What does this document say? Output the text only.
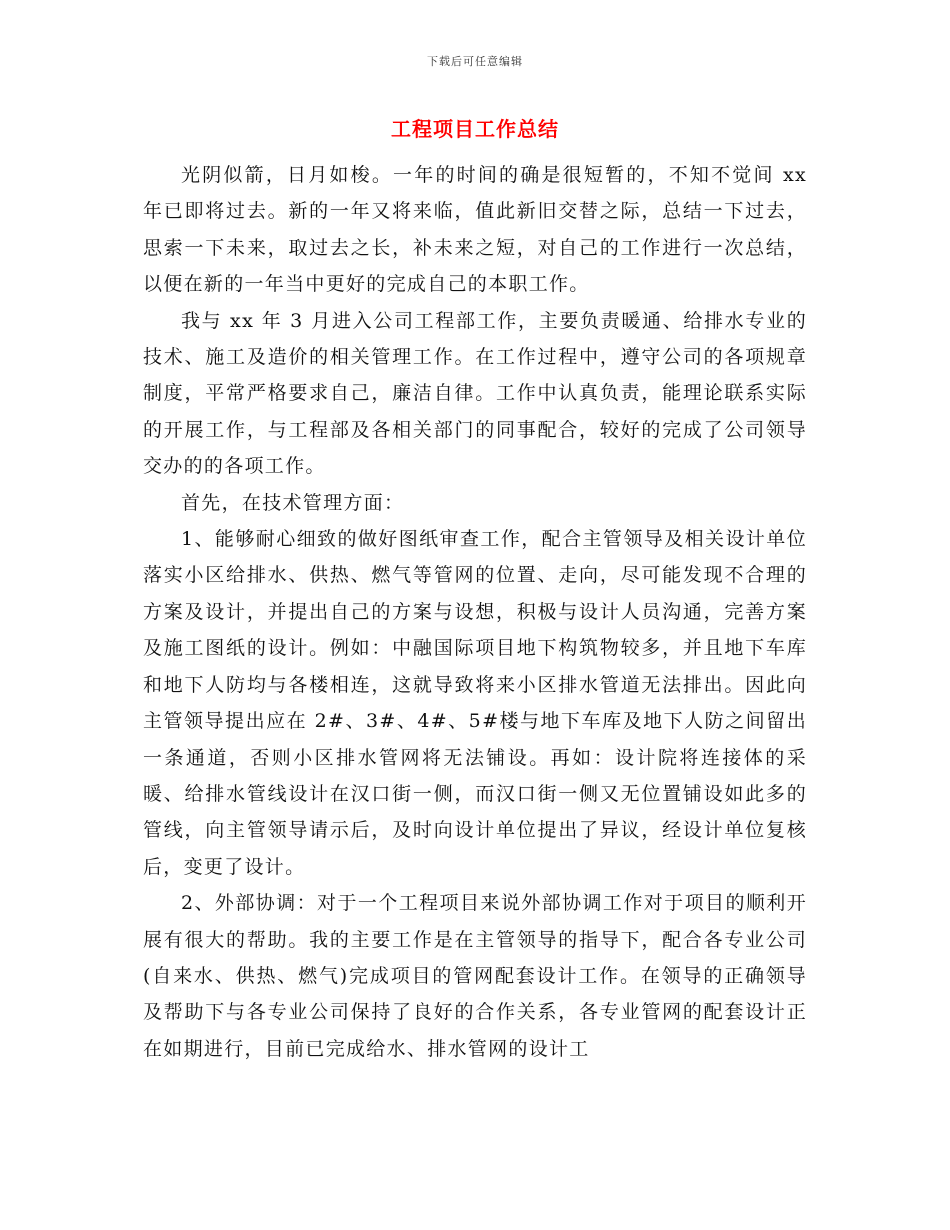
下载后可任意编辑
工程项目工作总结

光阴似箭，日月如梭。一年的时间的确是很短暂的，不知不觉间 xx 年已即将过去。新的一年又将来临，值此新旧交替之际，总结一下过去，思索一下未来，取过去之长，补未来之短，对自己的工作进行一次总结，以便在新的一年当中更好的完成自己的本职工作。

我与 xx 年 3 月进入公司工程部工作，主要负责暖通、给排水专业的技术、施工及造价的相关管理工作。在工作过程中，遵守公司的各项规章制度，平常严格要求自己，廉洁自律。工作中认真负责，能理论联系实际的开展工作，与工程部及各相关部门的同事配合，较好的完成了公司领导交办的的各项工作。

首先，在技术管理方面：

1、能够耐心细致的做好图纸审查工作，配合主管领导及相关设计单位落实小区给排水、供热、燃气等管网的位置、走向，尽可能发现不合理的方案及设计，并提出自己的方案与设想，积极与设计人员沟通，完善方案及施工图纸的设计。例如：中融国际项目地下构筑物较多，并且地下车库和地下人防均与各楼相连，这就导致将来小区排水管道无法排出。因此向主管领导提出应在 2#、3#、4#、5#楼与地下车库及地下人防之间留出一条通道，否则小区排水管网将无法铺设。再如：设计院将连接体的采暖、给排水管线设计在汉口街一侧，而汉口街一侧又无位置铺设如此多的管线，向主管领导请示后，及时向设计单位提出了异议，经设计单位复核后，变更了设计。

2、外部协调：对于一个工程项目来说外部协调工作对于项目的顺利开展有很大的帮助。我的主要工作是在主管领导的指导下，配合各专业公司(自来水、供热、燃气)完成项目的管网配套设计工作。在领导的正确领导及帮助下与各专业公司保持了良好的合作关系，各专业管网的配套设计正在如期进行，目前已完成给水、排水管网的设计工
